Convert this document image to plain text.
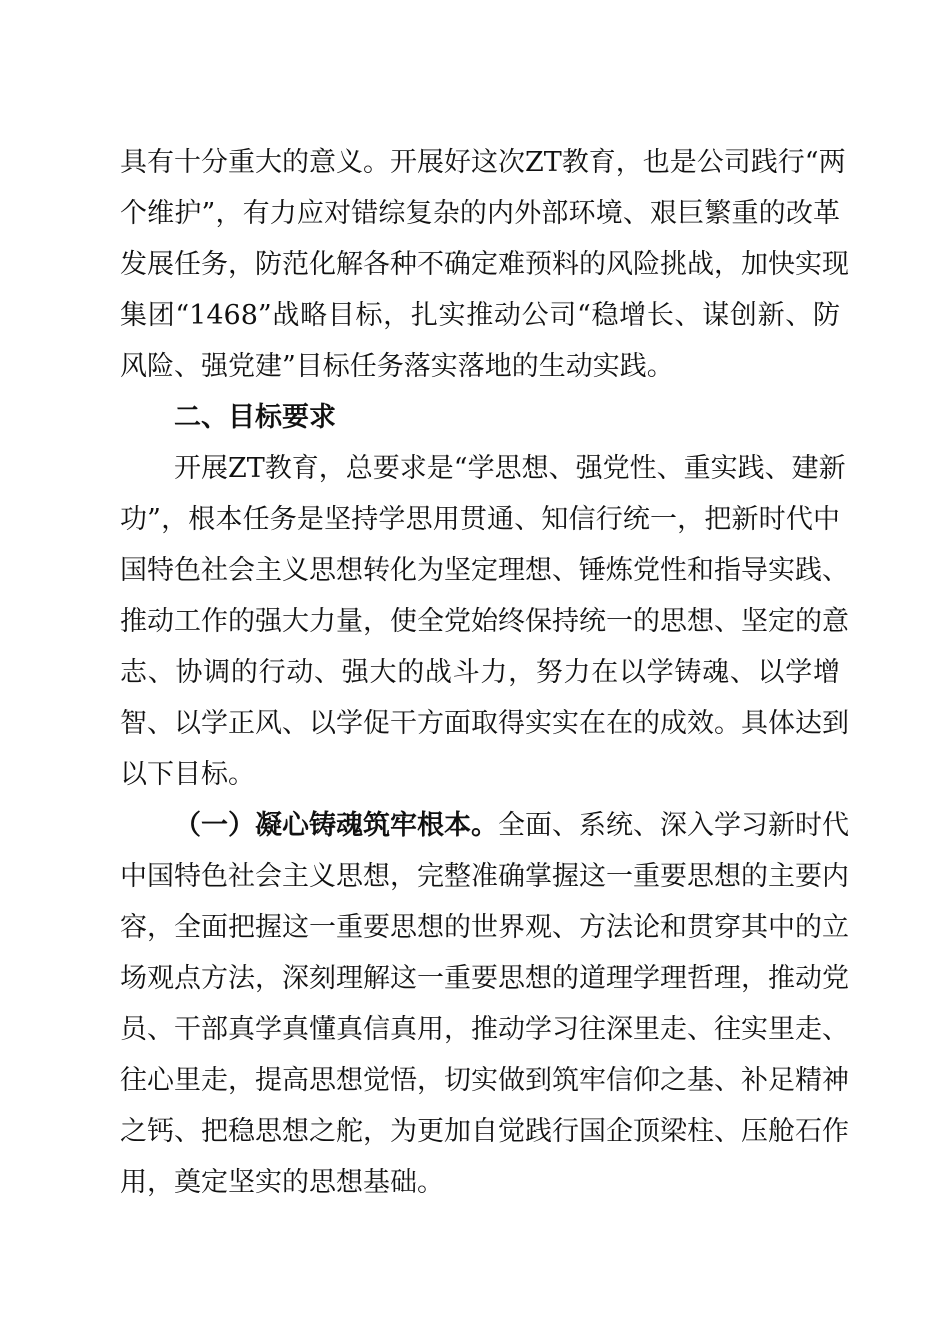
具有十分重大的意义。开展好这次ZT教育，也是公司践行“两
个维护”，有力应对错综复杂的内外部环境、艰巨繁重的改革
发展任务，防范化解各种不确定难预料的风险挑战，加快实现
集团“1468”战略目标，扎实推动公司“稳增长、谋创新、防
风险、强党建”目标任务落实落地的生动实践。
二、目标要求
开展ZT教育，总要求是“学思想、强党性、重实践、建新
功”，根本任务是坚持学思用贯通、知信行统一，把新时代中
国特色社会主义思想转化为坚定理想、锤炼党性和指导实践、
推动工作的强大力量，使全党始终保持统一的思想、坚定的意
志、协调的行动、强大的战斗力，努力在以学铸魂、以学增
智、以学正风、以学促干方面取得实实在在的成效。具体达到
以下目标。
（一）凝心铸魂筑牢根本。全面、系统、深入学习新时代
中国特色社会主义思想，完整准确掌握这一重要思想的主要内
容，全面把握这一重要思想的世界观、方法论和贯穿其中的立
场观点方法，深刻理解这一重要思想的道理学理哲理，推动党
员、干部真学真懂真信真用，推动学习往深里走、往实里走、
往心里走，提高思想觉悟，切实做到筑牢信仰之基、补足精神
之钙、把稳思想之舵，为更加自觉践行国企顶梁柱、压舱石作
用，奠定坚实的思想基础。
